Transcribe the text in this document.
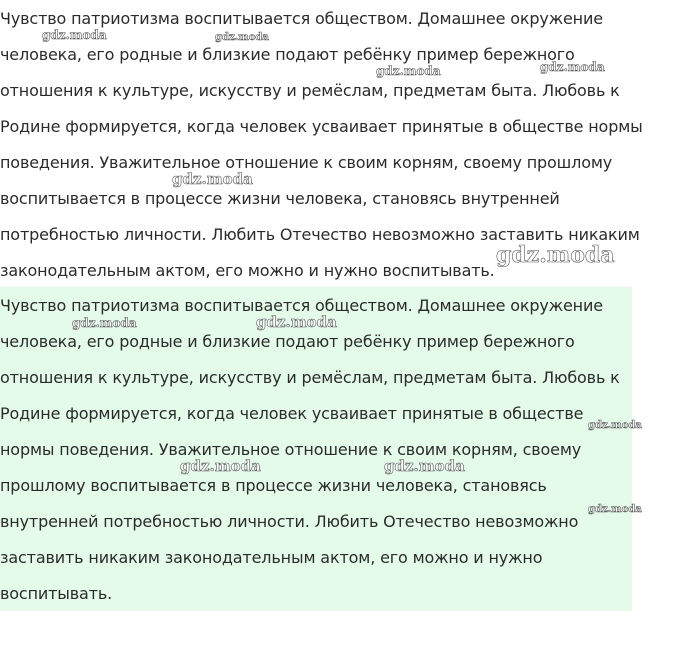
Чувство патриотизма воспитывается обществом. Домашнее окружение
человека, его родные и близкие подают ребёнку пример бережного
отношения к культуре, искусству и ремёслам, предметам быта. Любовь к
Родине формируется, когда человек усваивает принятые в обществе нормы
поведения. Уважительное отношение к своим корням, своему прошлому
воспитывается в процессе жизни человека, становясь внутренней
потребностью личности. Любить Отечество невозможно заставить никаким
законодательным актом, его можно и нужно воспитывать.
Чувство патриотизма воспитывается обществом. Домашнее окружение
человека, его родные и близкие подают ребёнку пример бережного
отношения к культуре, искусству и ремёслам, предметам быта. Любовь к
Родине формируется, когда человек усваивает принятые в обществе
нормы поведения. Уважительное отношение к своим корням, своему
прошлому воспитывается в процессе жизни человека, становясь
внутренней потребностью личности. Любить Отечество невозможно
заставить никаким законодательным актом, его можно и нужно
воспитывать.
gdz.moda	gdz.moda
gdz.moda	gdz.moda
gdz.moda
gdz.moda
gdz.moda	gdz.moda
gdz.moda
gdz.moda	gdz.moda
gdz.moda
